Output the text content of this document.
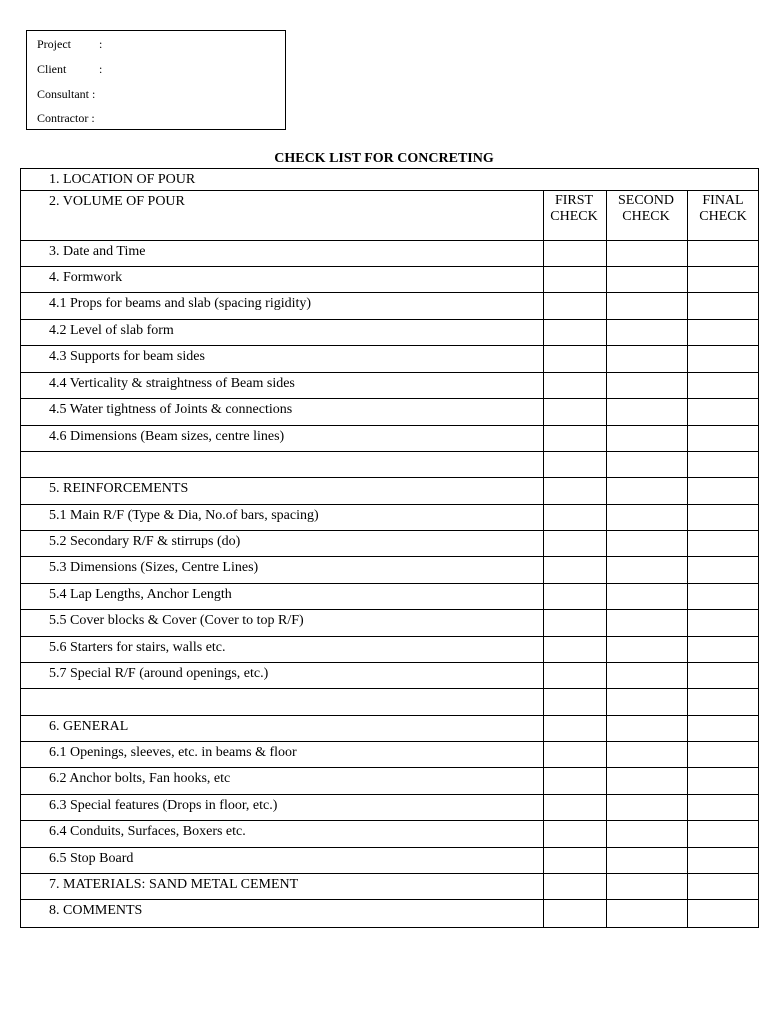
Project :
Client	:
Consultant :
Contractor :
CHECK LIST FOR CONCRETING
FIRST
CHECK
SECOND
CHECK
FINAL
CHECK
1. LOCATION OF POUR
2. VOLUME OF POUR
3. Date and Time
4. Formwork
4.1 Props for beams and slab (spacing rigidity)
4.2 Level of slab form
4.3 Supports for beam sides
4.4 Verticality & straightness of Beam sides
4.5 Water tightness of Joints & connections
4.6 Dimensions (Beam sizes, centre lines)
5. REINFORCEMENTS
5.1 Main R/F (Type & Dia, No.of bars, spacing)
5.2 Secondary R/F & stirrups (do)
5.3 Dimensions (Sizes, Centre Lines)
5.4 Lap Lengths, Anchor Length
5.5 Cover blocks & Cover (Cover to top R/F)
5.6 Starters for stairs, walls etc.
5.7 Special R/F (around openings, etc.)
6. GENERAL
6.1 Openings, sleeves, etc. in beams & floor
6.2 Anchor bolts, Fan hooks, etc
6.3 Special features (Drops in floor, etc.)
6.4 Conduits, Surfaces, Boxers etc.
6.5 Stop Board
7. MATERIALS: SAND METAL CEMENT
8. COMMENTS
